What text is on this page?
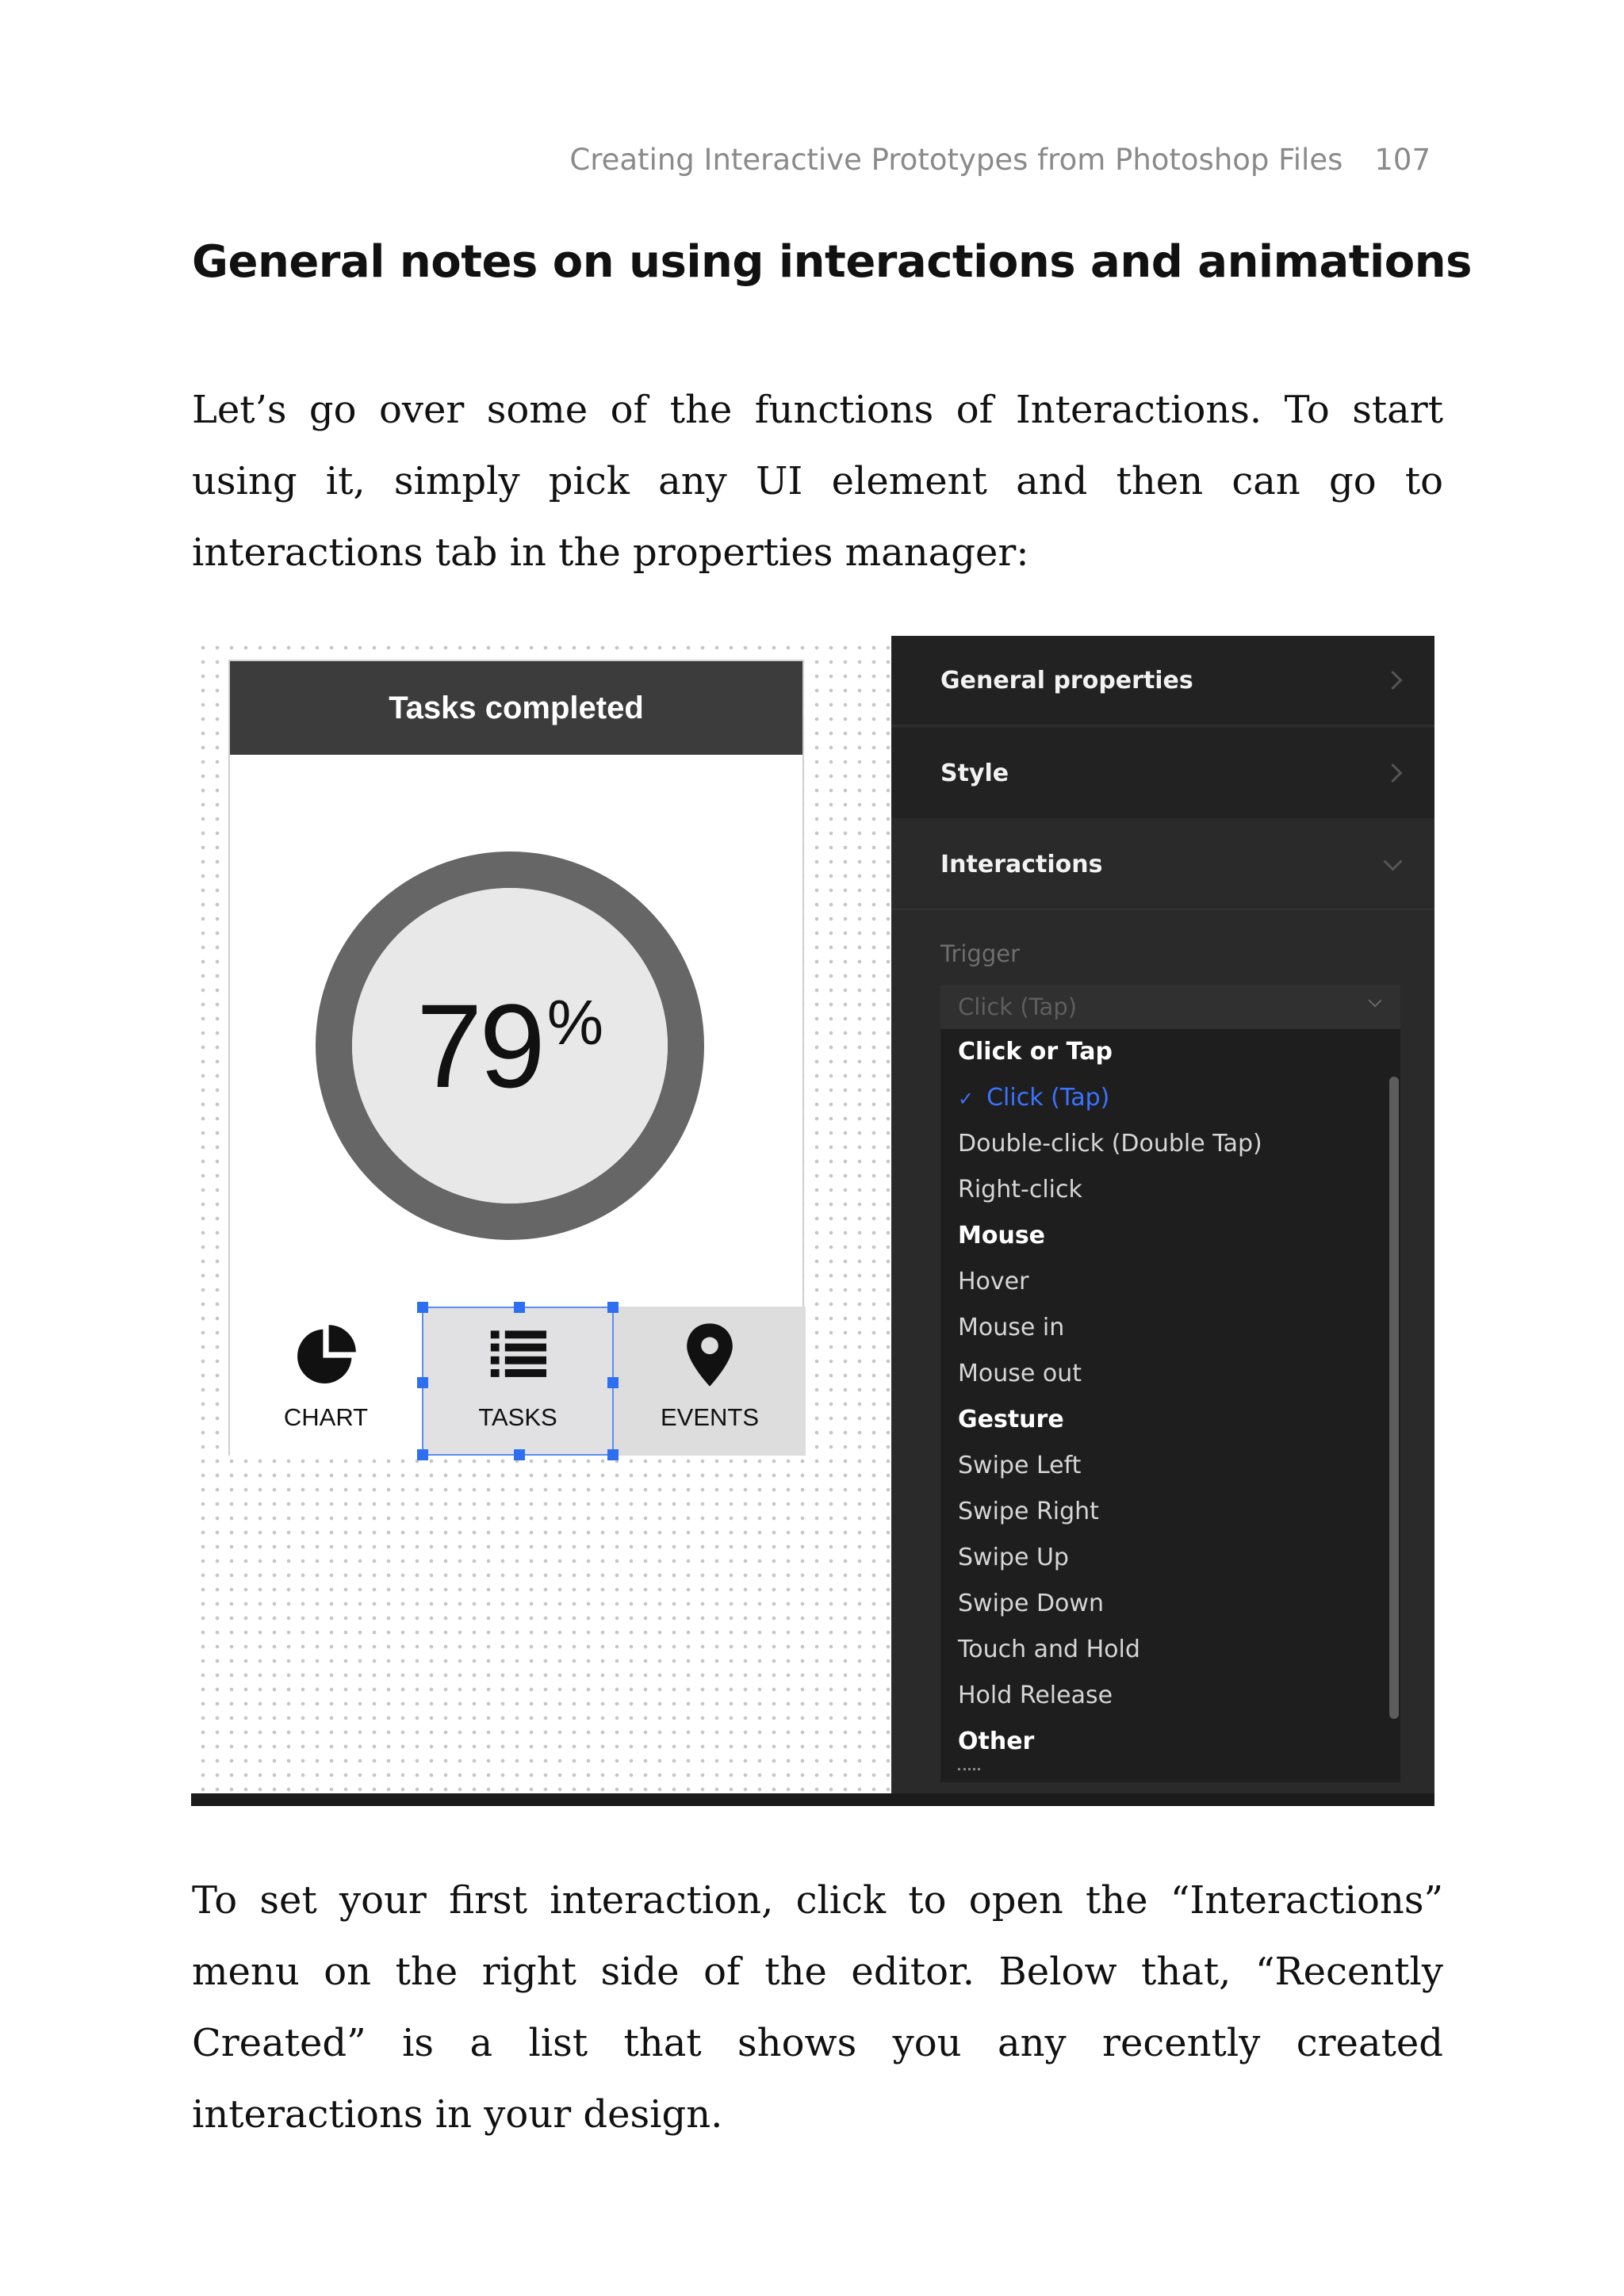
Creating Interactive Prototypes from Photoshop Files 107
General notes on using interactions and animations

Let’s go over some of the functions of Interactions. To start using it, simply pick any UI element and then can go to interactions tab in the properties manager:

Tasks completed
79 %
CHART	TASKS	EVENTS
General properties
Style
Interactions
Trigger
Click (Tap)
Click or Tap
✓ Click (Tap)
Double-click (Double Tap)
Right-click
Mouse
Hover
Mouse in
Mouse out
Gesture
Swipe Left
Swipe Right
Swipe Up
Swipe Down
Touch and Hold
Hold Release
Other

To set your first interaction, click to open the “Interactions” menu on the right side of the editor. Below that, “Recently Created” is a list that shows you any recently created interactions in your design.
